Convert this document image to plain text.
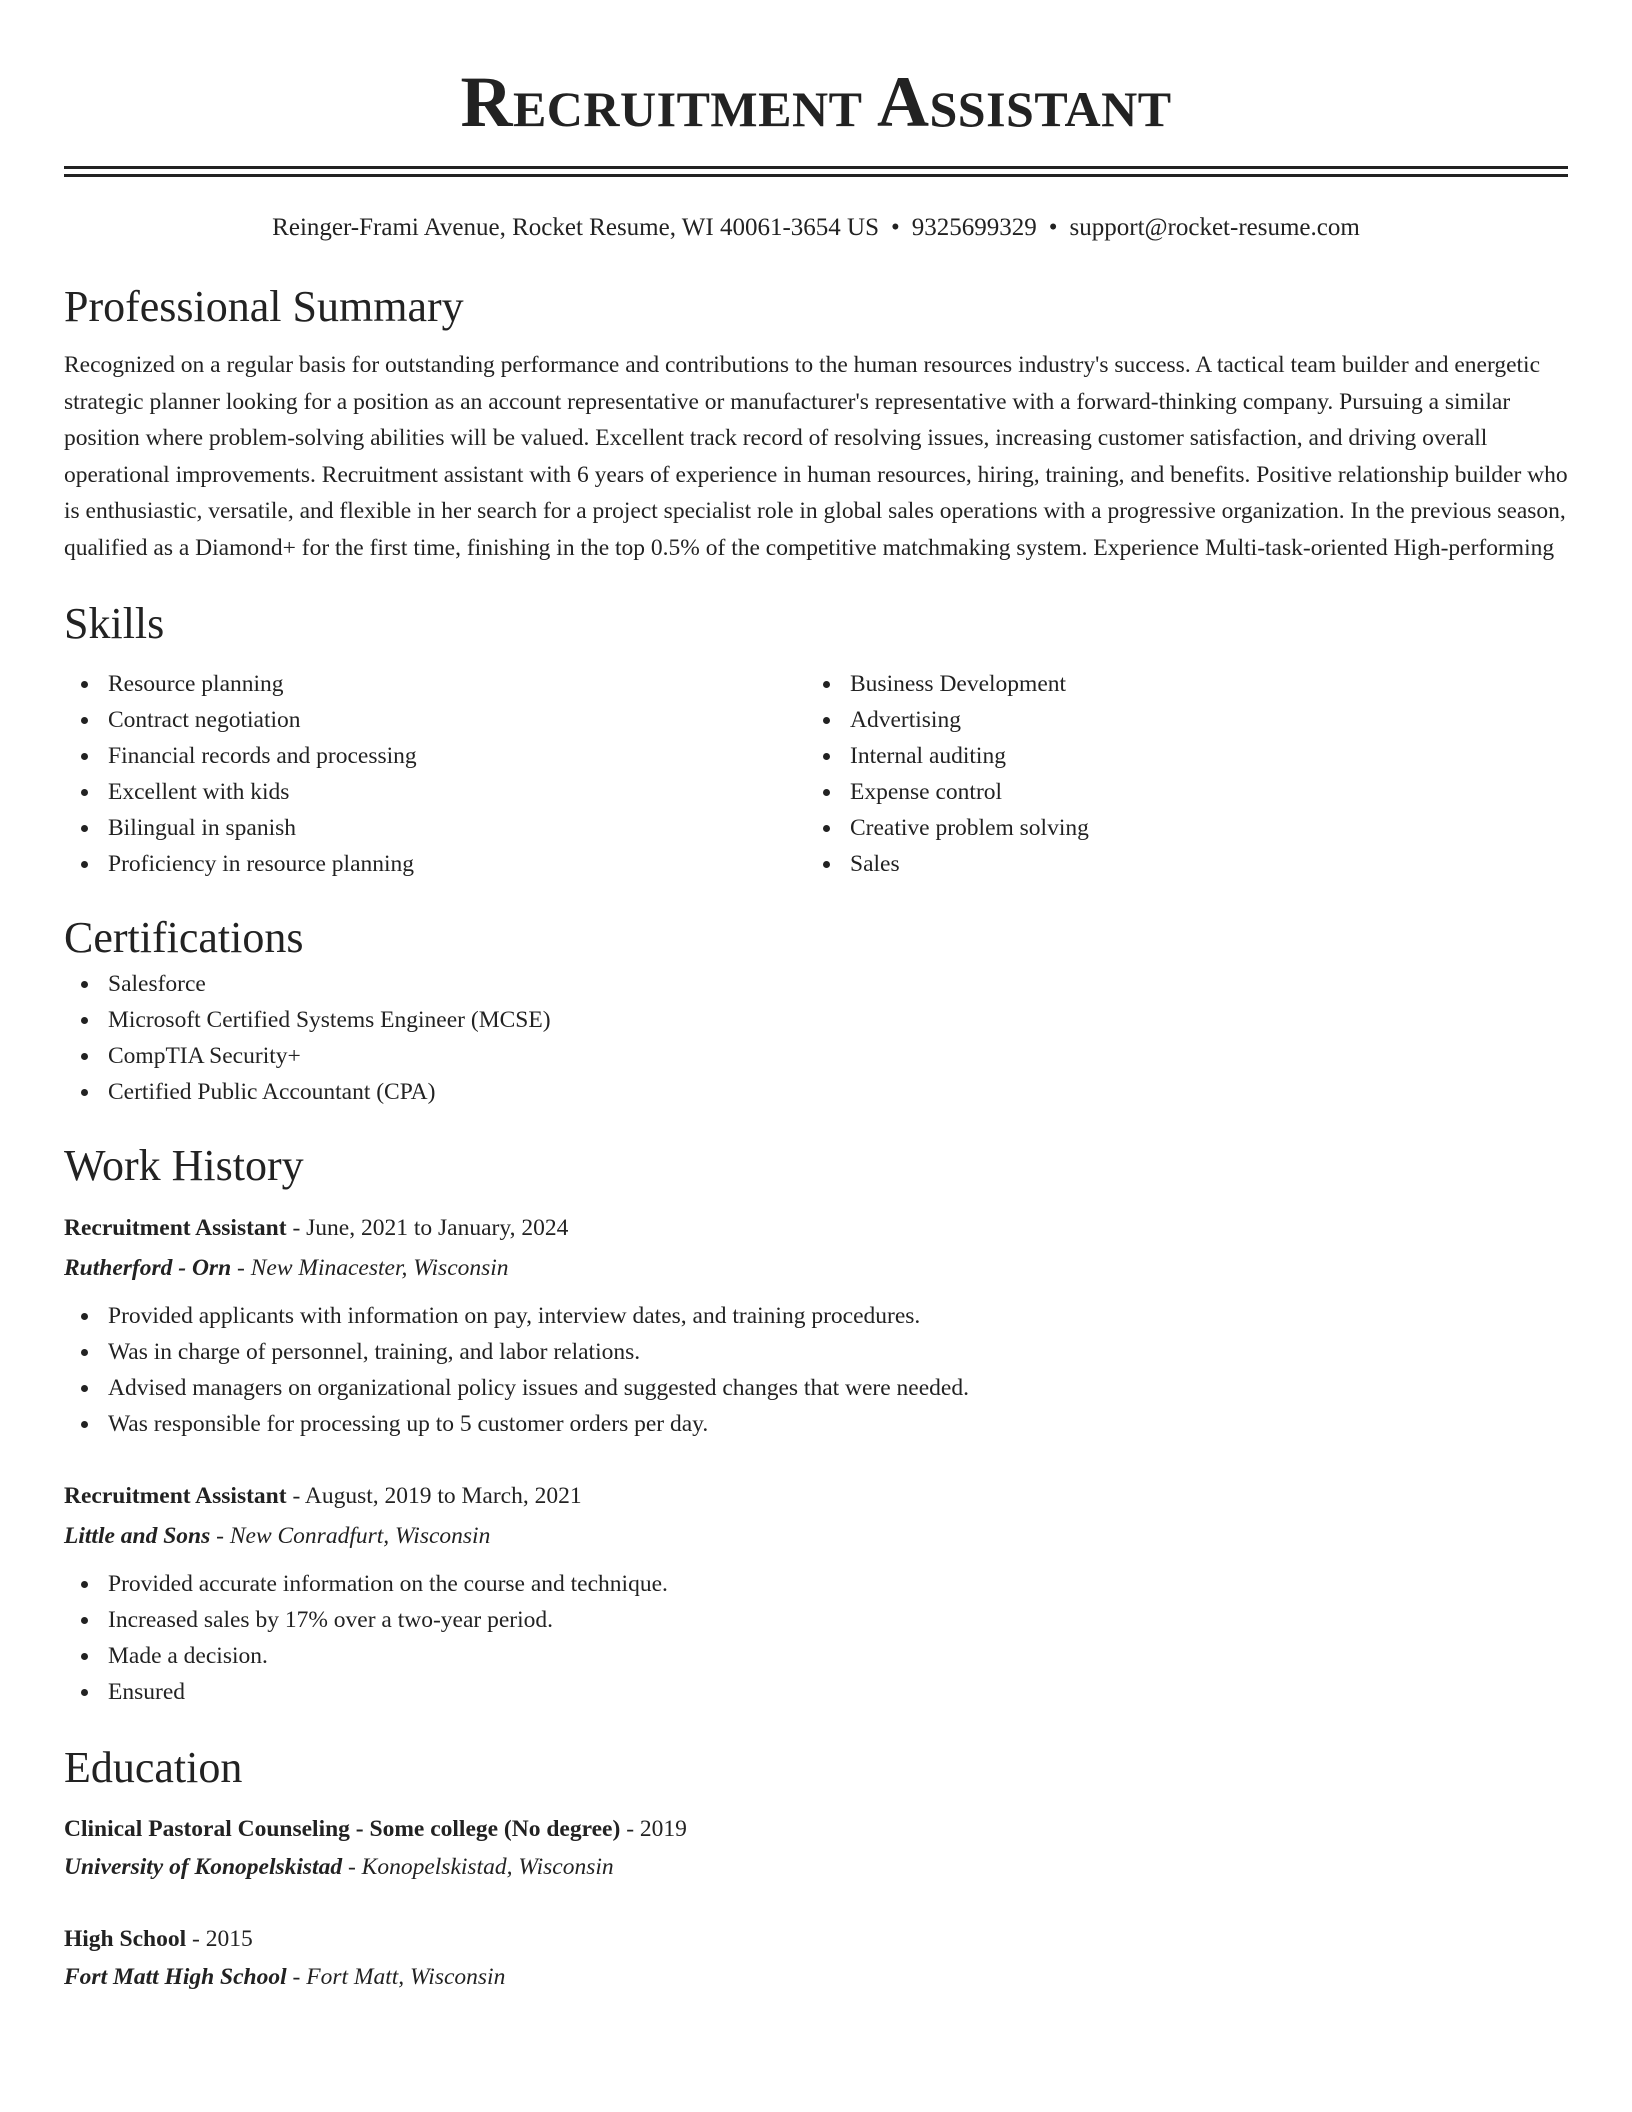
Recruitment Assistant
Reinger-Frami Avenue, Rocket Resume, WI 40061-3654 US • 9325699329 • support@rocket-resume.com
Professional Summary

Recognized on a regular basis for outstanding performance and contributions to the human resources industry's success. A tactical team builder and energetic strategic planner looking for a position as an account representative or manufacturer's representative with a forward-thinking company. Pursuing a similar position where problem-solving abilities will be valued. Excellent track record of resolving issues, increasing customer satisfaction, and driving overall operational improvements. Recruitment assistant with 6 years of experience in human resources, hiring, training, and benefits. Positive relationship builder who is enthusiastic, versatile, and flexible in her search for a project specialist role in global sales operations with a progressive organization. In the previous season, qualified as a Diamond+ for the first time, finishing in the top 0.5% of the competitive matchmaking system. Experience Multi-task-oriented High-performing

Skills
Resource planning
Contract negotiation
Financial records and processing
Excellent with kids
Bilingual in spanish
Proficiency in resource planning
Business Development
Advertising
Internal auditing
Expense control
Creative problem solving
Sales
Certifications
Salesforce
Microsoft Certified Systems Engineer (MCSE)
CompTIA Security+
Certified Public Accountant (CPA)
Work History
Recruitment Assistant - June, 2021 to January, 2024
Rutherford - Orn - New Minacester, Wisconsin
Provided applicants with information on pay, interview dates, and training procedures.
Was in charge of personnel, training, and labor relations.
Advised managers on organizational policy issues and suggested changes that were needed.
Was responsible for processing up to 5 customer orders per day.
Recruitment Assistant - August, 2019 to March, 2021
Little and Sons - New Conradfurt, Wisconsin
Provided accurate information on the course and technique.
Increased sales by 17% over a two-year period.
Made a decision.
Ensured
Education
Clinical Pastoral Counseling - Some college (No degree) - 2019
University of Konopelskistad - Konopelskistad, Wisconsin
High School - 2015
Fort Matt High School - Fort Matt, Wisconsin
